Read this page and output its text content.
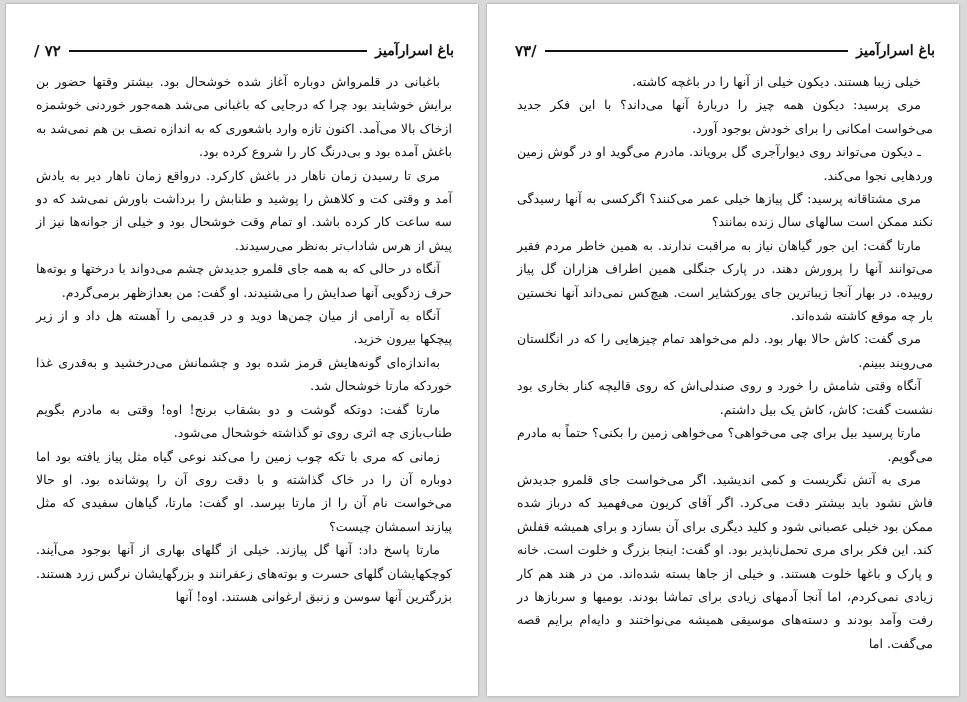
باغ اسرارآمیز
۷۲ /

باغبانی در قلمرواش دوباره آغاز شده خوشحال بود. بیشتر وقتها حضور بن برایش خوشایند بود چرا که درجایی که باغبانی می‌شد همه‌جور خوردنی خوشمزه ازخاک بالا می‌آمد. اکنون تازه وارد باشعوری که به اندازه نصف بن هم نمی‌شد به باغش آمده بود و بی‌درنگ کار را شروع کرده بود.

مری تا رسیدن زمان ناهار در باغش کارکرد. درواقع زمان ناهار دیر به یادش آمد و وقتی کت و کلاهش را پوشید و طنابش را برداشت باورش نمی‌شد که دو سه ساعت کار کرده باشد. او تمام وقت خوشحال بود و خیلی از جوانه‌ها نیز از پیش از هرس شاداب‌تر به‌نظر می‌رسیدند.

آنگاه در حالی که به همه جای قلمرو جدیدش چشم می‌دواند با درختها و بوته‌ها حرف زدگویی آنها صدایش را می‌شنیدند. او گفت: من بعدازظهر برمی‌گردم.

آنگاه به آرامی از میان چمن‌ها دوید و در قدیمی را آهسته هل داد و از زیر پیچکها بیرون خزید.

به‌اندازه‌ای گونه‌هایش قرمز شده بود و چشمانش می‌درخشید و به‌قدری غذا خوردکه مارتا خوشحال شد.

مارتا گفت: دوتکه گوشت و دو بشقاب برنج! اوه! وقتی به مادرم بگویم طناب‌بازی چه اثری روی تو گذاشته خوشحال می‌شود.

زمانی که مری با تکه چوب زمین را می‌کند نوعی گیاه مثل پیاز یافته بود اما دوباره آن را در خاک گذاشته و با دقت روی آن را پوشانده بود. او حالا می‌خواست نام آن را از مارتا بپرسد. او گفت: مارتا، گیاهان سفیدی که مثل پیازند اسمشان چیست؟

مارتا پاسخ داد: آنها گل پیازند. خیلی از گلهای بهاری از آنها بوجود می‌آیند. کوچکهایشان گلهای حسرت و بوته‌های زعفرانند و بزرگهایشان نرگس زرد هستند. بزرگترین آنها سوسن و زنبق ارغوانی هستند. اوه! آنها

باغ اسرارآمیز
/۷۳

خیلی زیبا هستند. دیکون خیلی از آنها را در باغچه کاشته.

مری پرسید: دیکون همه چیز را دربارهٔ آنها می‌داند؟ با این فکر جدید می‌خواست امکانی را برای خودش بوجود آورد.

ـ دیکون می‌تواند روی دیوارآجری گل برویاند. مادرم می‌گوید او در گوش زمین وردهایی نجوا می‌کند.

مری مشتاقانه پرسید: گل پیازها خیلی عمر می‌کنند؟ اگرکسی به آنها رسیدگی نکند ممکن است سالهای سال زنده بمانند؟

مارتا گفت: این جور گیاهان نیاز به مراقبت ندارند. به همین خاطر مردم فقیر می‌توانند آنها را پرورش دهند. در پارک جنگلی همین اطراف هزاران گل پیاز روییده. در بهار آنجا زیباترین جای یورکشایر است. هیچ‌کس نمی‌داند آنها نخستین بار چه موقع کاشته شده‌اند.

مری گفت: کاش حالا بهار بود. دلم می‌خواهد تمام چیزهایی را که در انگلستان می‌رویند ببینم.

آنگاه وقتی شامش را خورد و روی صندلی‌اش که روی قالیچه کنار بخاری بود نشست گفت: کاش، کاش یک بیل داشتم.

مارتا پرسید بیل برای چی می‌خواهی؟ می‌خواهی زمین را بکنی؟ حتماً به مادرم می‌گویم.

مری به آتش نگریست و کمی اندیشید. اگر می‌خواست جای قلمرو جدیدش فاش نشود باید بیشتر دقت می‌کرد. اگر آقای کریون می‌فهمید که درباز شده ممکن بود خیلی عصبانی شود و کلید دیگری برای آن بسازد و برای همیشه قفلش کند. این فکر برای مری تحمل‌ناپذیر بود. او گفت: اینجا بزرگ و خلوت است. خانه و پارک و باغها خلوت هستند. و خیلی از جاها بسته شده‌اند. من در هند هم کار زیادی نمی‌کردم، اما آنجا آدمهای زیادی برای تماشا بودند. بومیها و سربازها در رفت وآمد بودند و دسته‌های موسیقی همیشه می‌نواختند و دایه‌ام برایم قصه می‌گفت. اما
